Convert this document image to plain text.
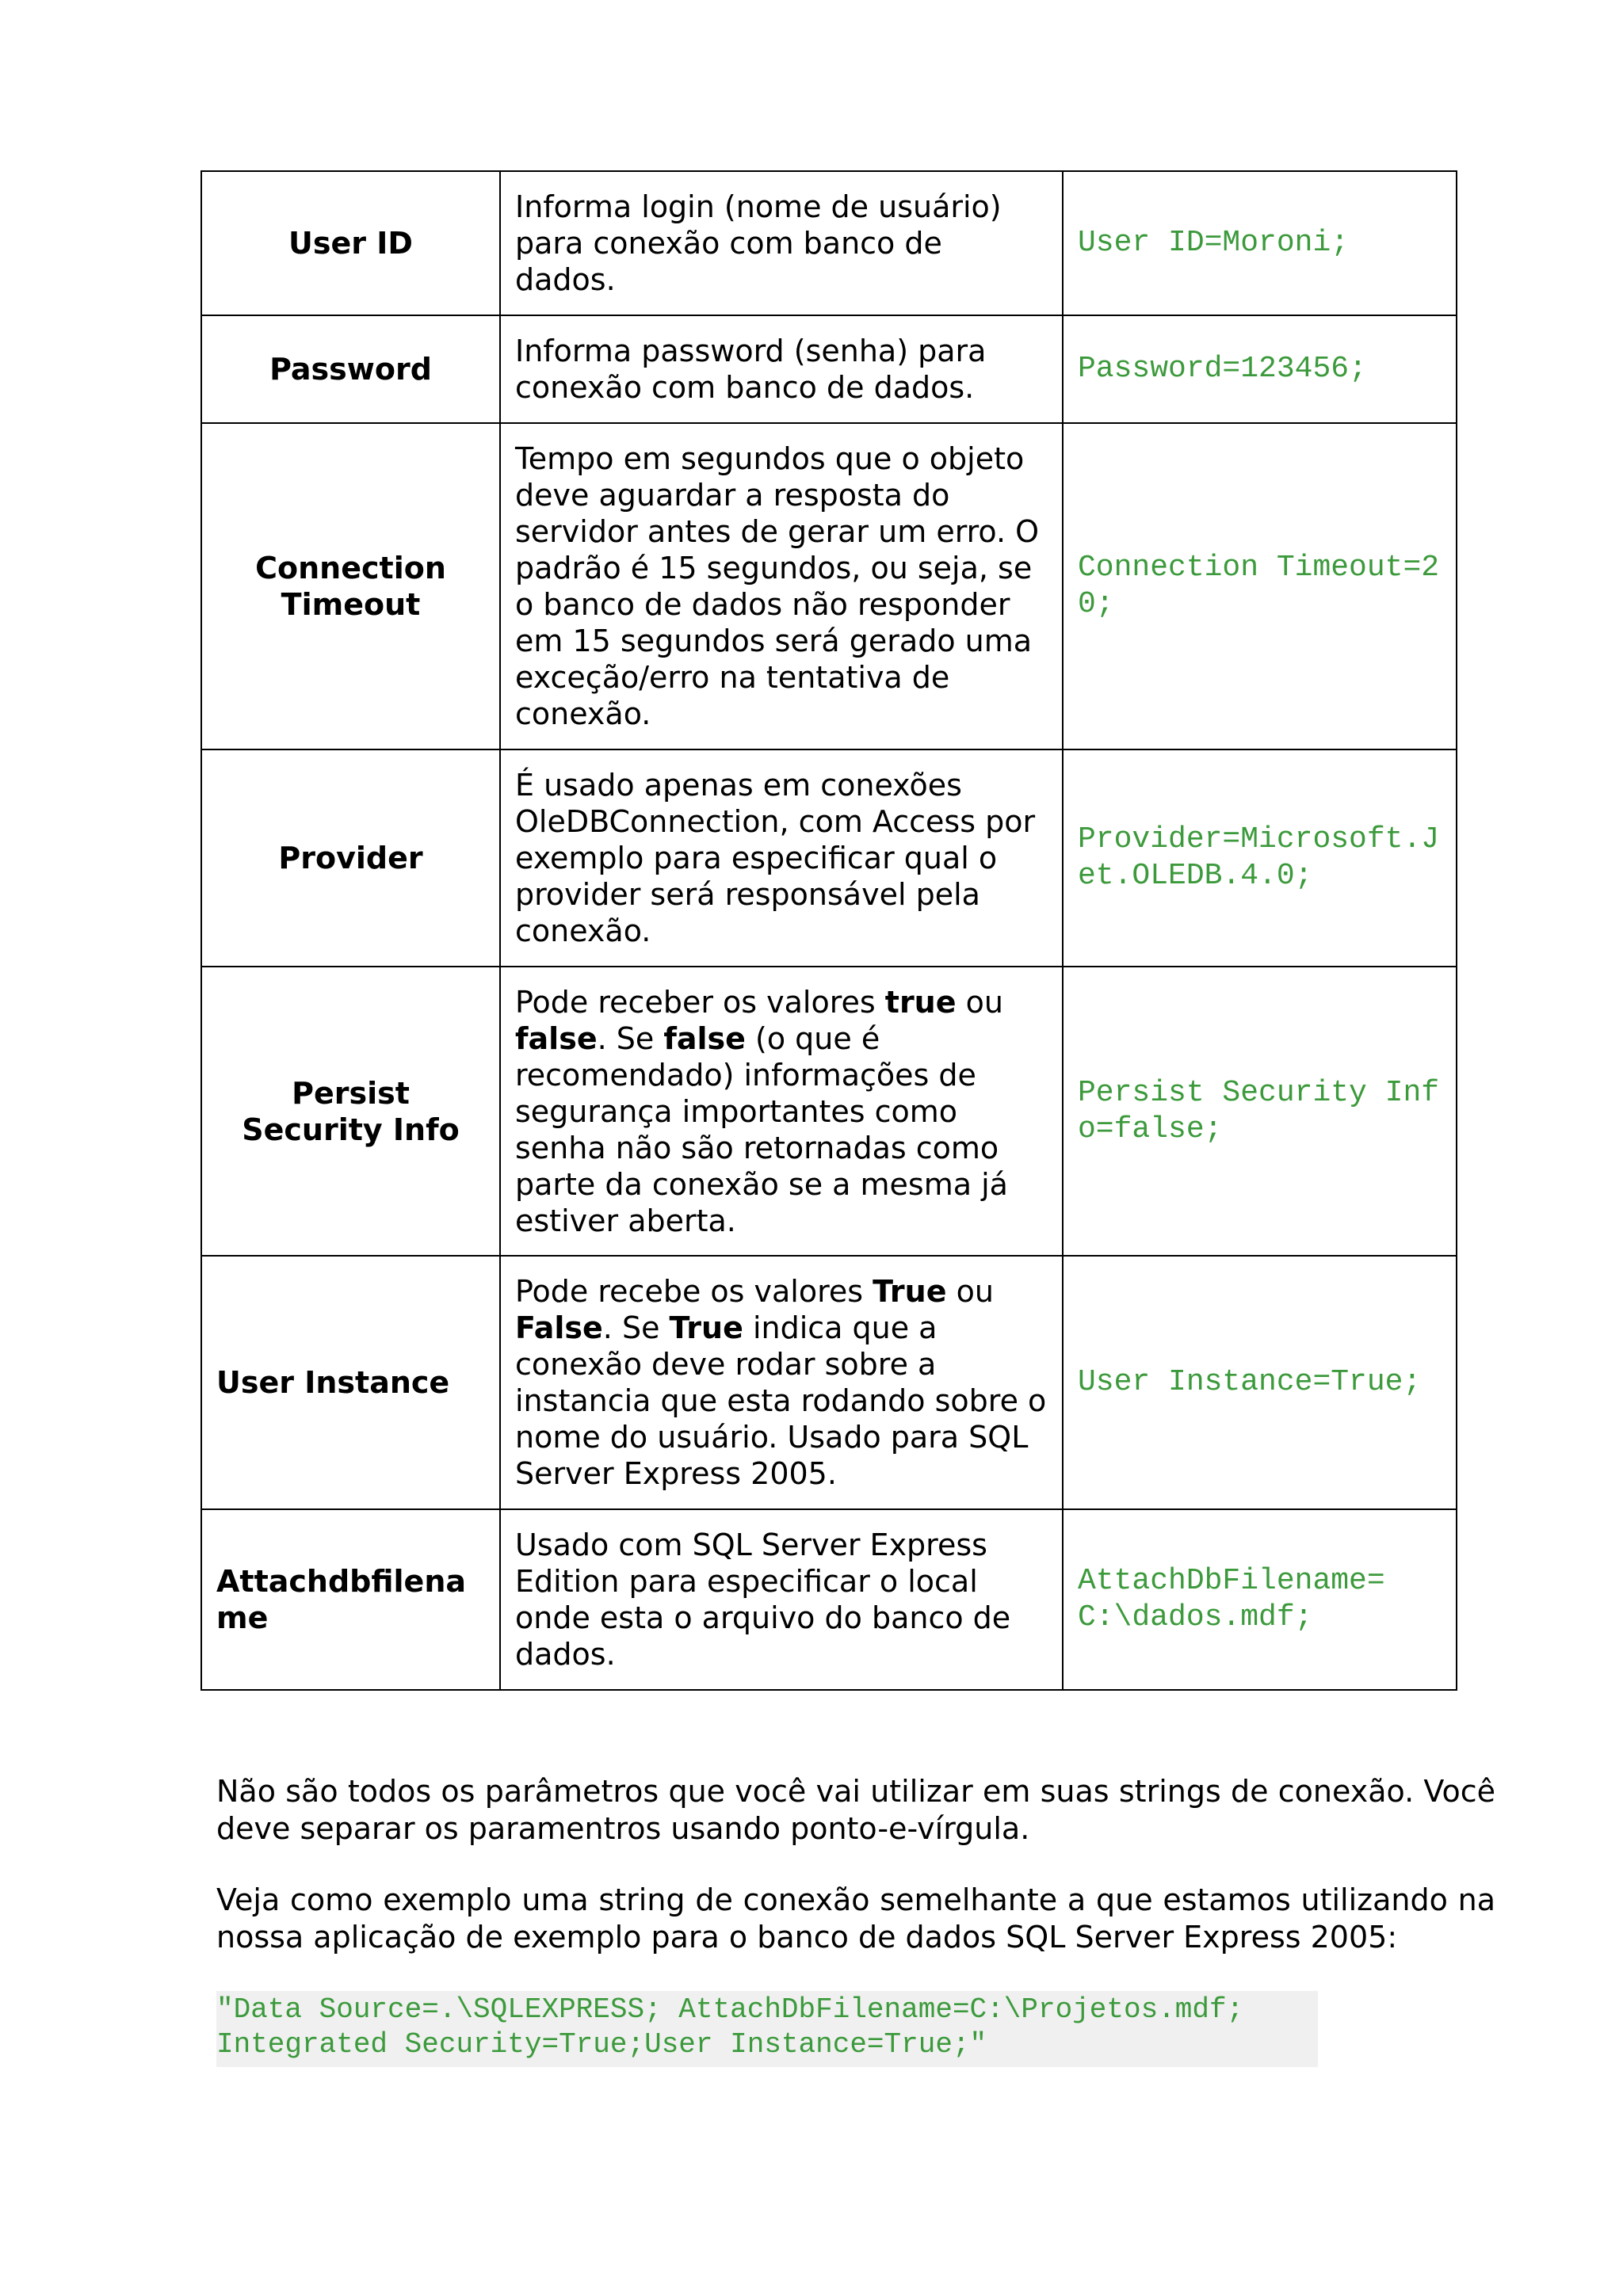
User ID	Informa login (nome de usuário) para conexão com banco de dados.	User ID=Moroni;
Password	Informa password (senha) para conexão com banco de dados.	Password=123456;
Connection Timeout	Tempo em segundos que o objeto deve aguardar a resposta do servidor antes de gerar um erro. O padrão é 15 segundos, ou seja, se o banco de dados não responder em 15 segundos será gerado uma exceção/erro na tentativa de conexão.	Connection Timeout=20;
Provider	É usado apenas em conexões OleDBConnection, com Access por exemplo para especificar qual o provider será responsável pela conexão.	Provider=Microsoft.Jet.OLEDB.4.0;
Persist Security Info	Pode receber os valores true ou false. Se false (o que é recomendado) informações de segurança importantes como senha não são retornadas como parte da conexão se a mesma já estiver aberta.	Persist Security Info=false;
User Instance	Pode recebe os valores True ou False. Se True indica que a conexão deve rodar sobre a instancia que esta rodando sobre o nome do usuário. Usado para SQL Server Express 2005.	User Instance=True;
Attachdbfilename	Usado com SQL Server Express Edition para especificar o local onde esta o arquivo do banco de dados.	AttachDbFilename=C:\dados.mdf;
Não são todos os parâmetros que você vai utilizar em suas strings de conexão. Você deve separar os paramentros usando ponto-e-vírgula.
Veja como exemplo uma string de conexão semelhante a que estamos utilizando na nossa aplicação de exemplo para o banco de dados SQL Server Express 2005:
"Data Source=.\SQLEXPRESS; AttachDbFilename=C:\Projetos.mdf;
Integrated Security=True;User Instance=True;"
